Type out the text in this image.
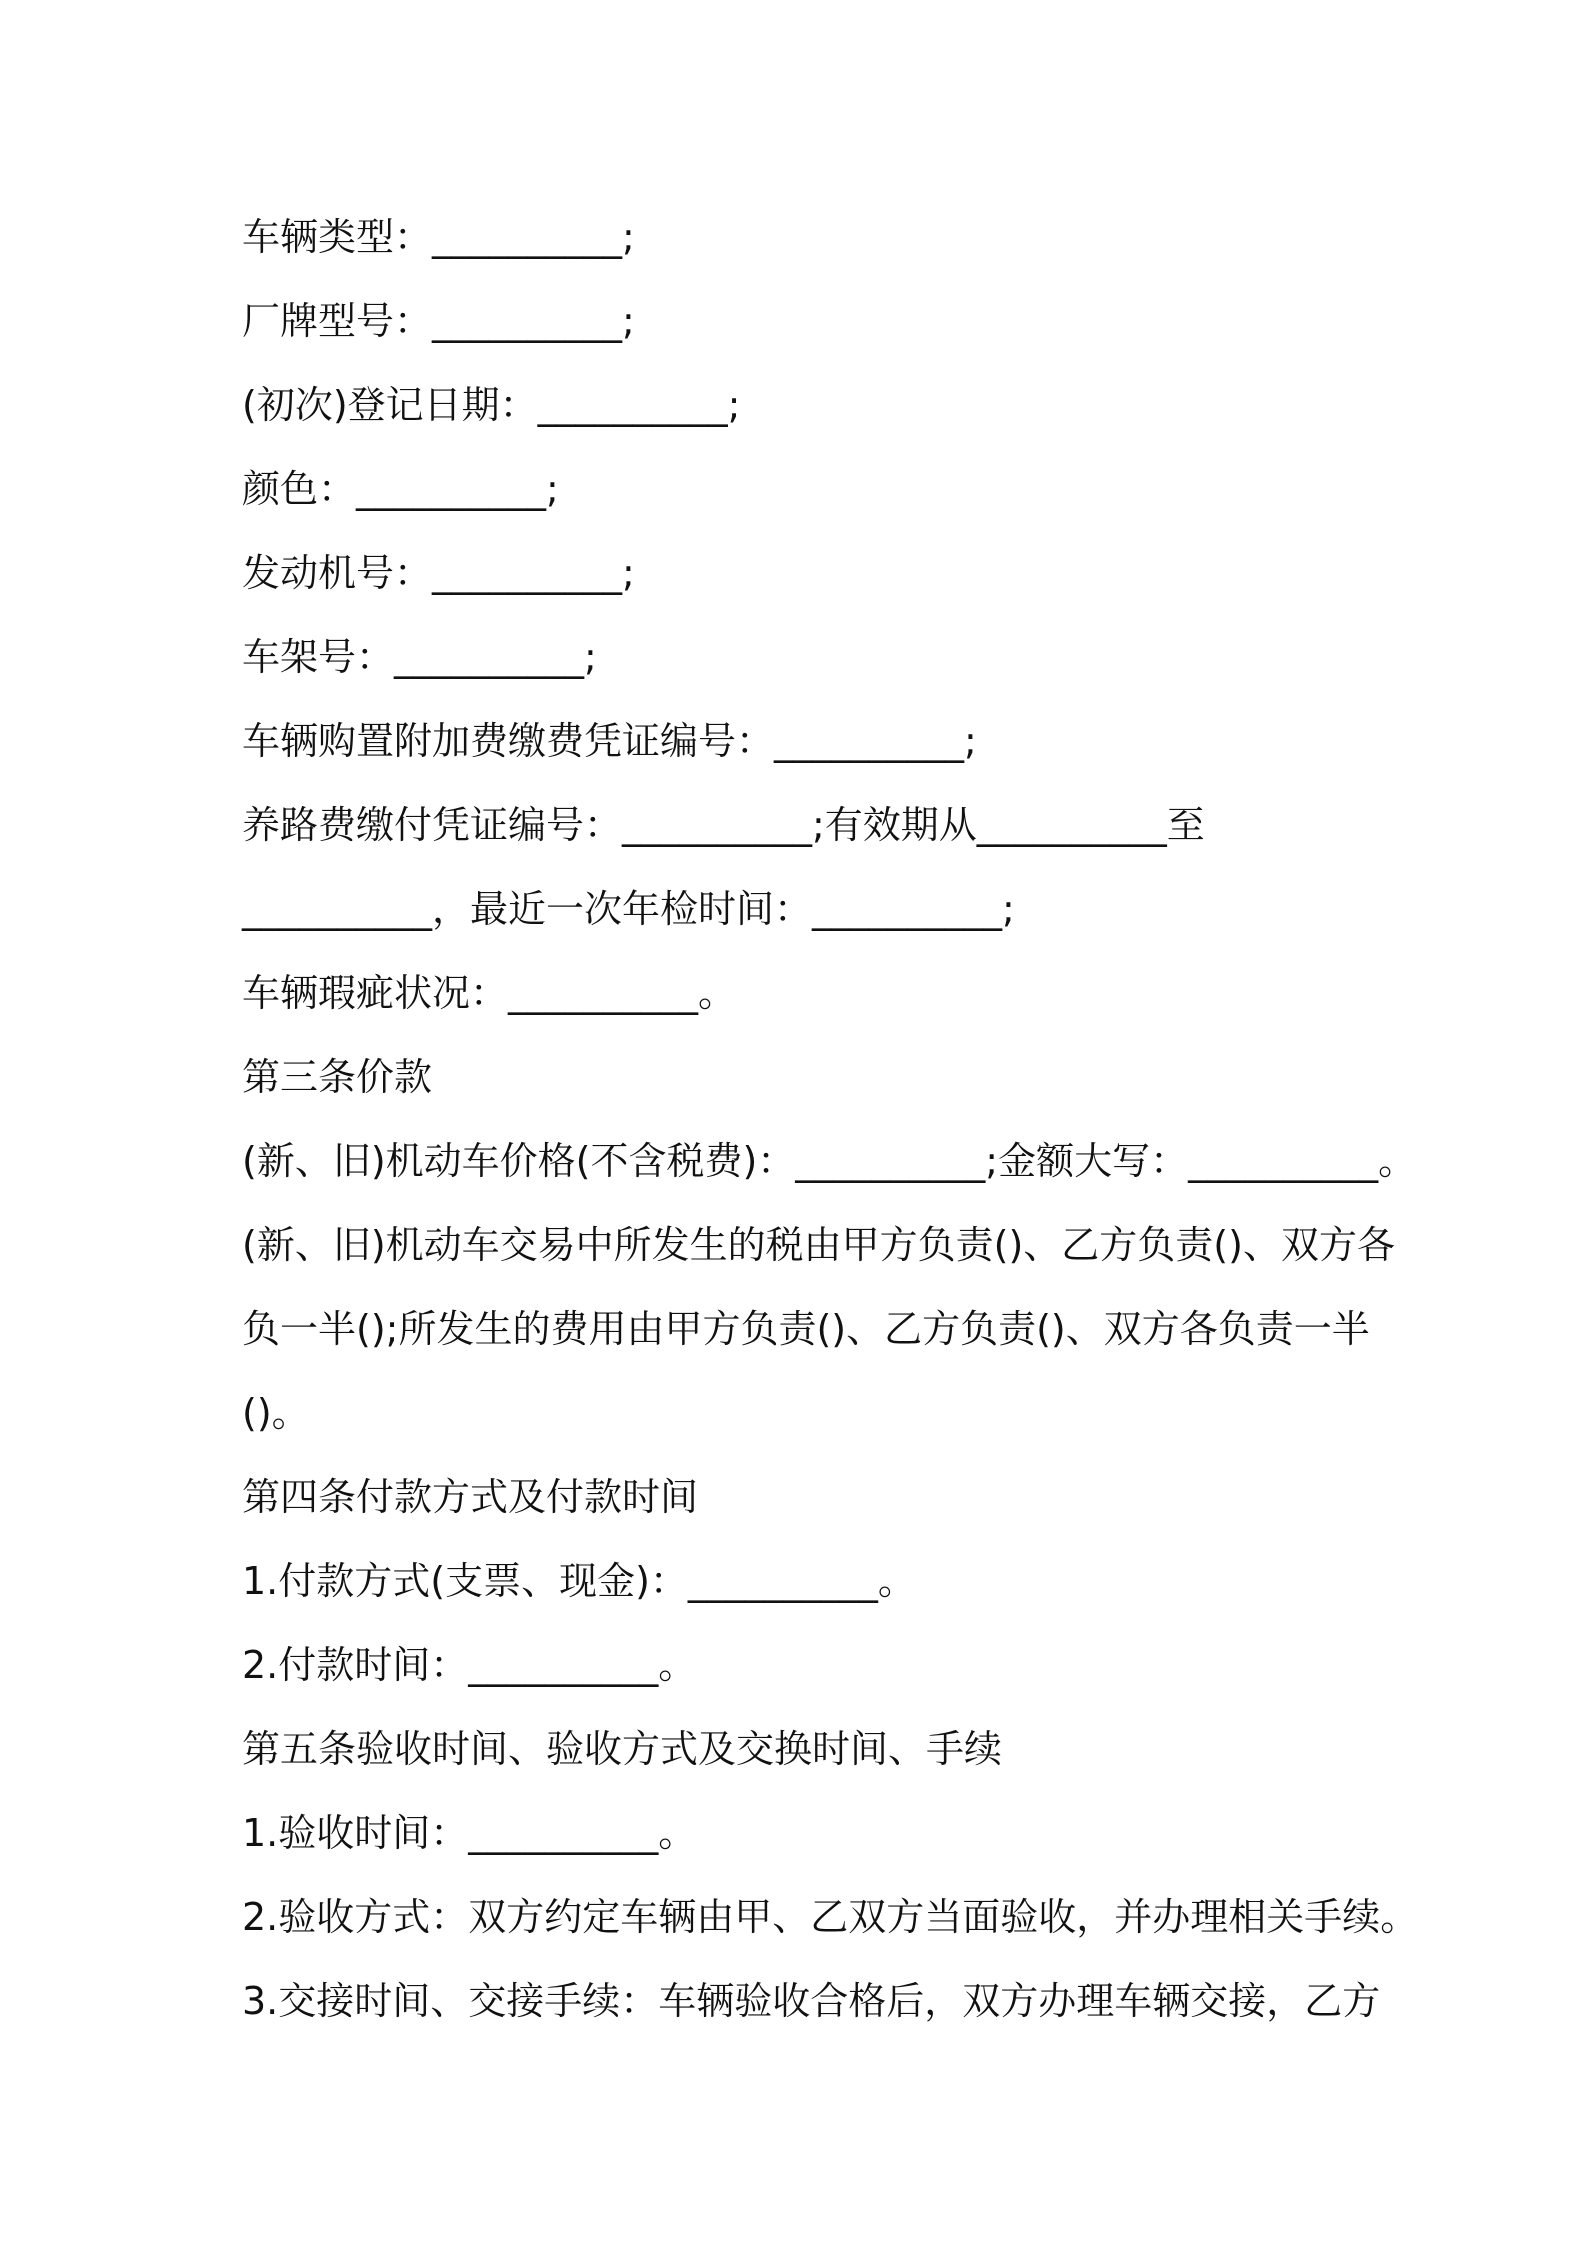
车辆类型：__________;

厂牌型号：__________;

(初次)登记日期：__________;

颜色：__________;

发动机号：__________;

车架号：__________;

车辆购置附加费缴费凭证编号：__________;

养路费缴付凭证编号：__________;有效期从__________至

__________，最近一次年检时间：__________;

车辆瑕疵状况：__________。

第三条价款

(新、旧)机动车价格(不含税费)：__________;金额大写：__________。

(新、旧)机动车交易中所发生的税由甲方负责()、乙方负责()、双方各

负一半();所发生的费用由甲方负责()、乙方负责()、双方各负责一半

()。

第四条付款方式及付款时间

1.付款方式(支票、现金)：__________。

2.付款时间：__________。

第五条验收时间、验收方式及交换时间、手续

1.验收时间：__________。

2.验收方式：双方约定车辆由甲、乙双方当面验收，并办理相关手续。

3.交接时间、交接手续：车辆验收合格后，双方办理车辆交接，乙方
